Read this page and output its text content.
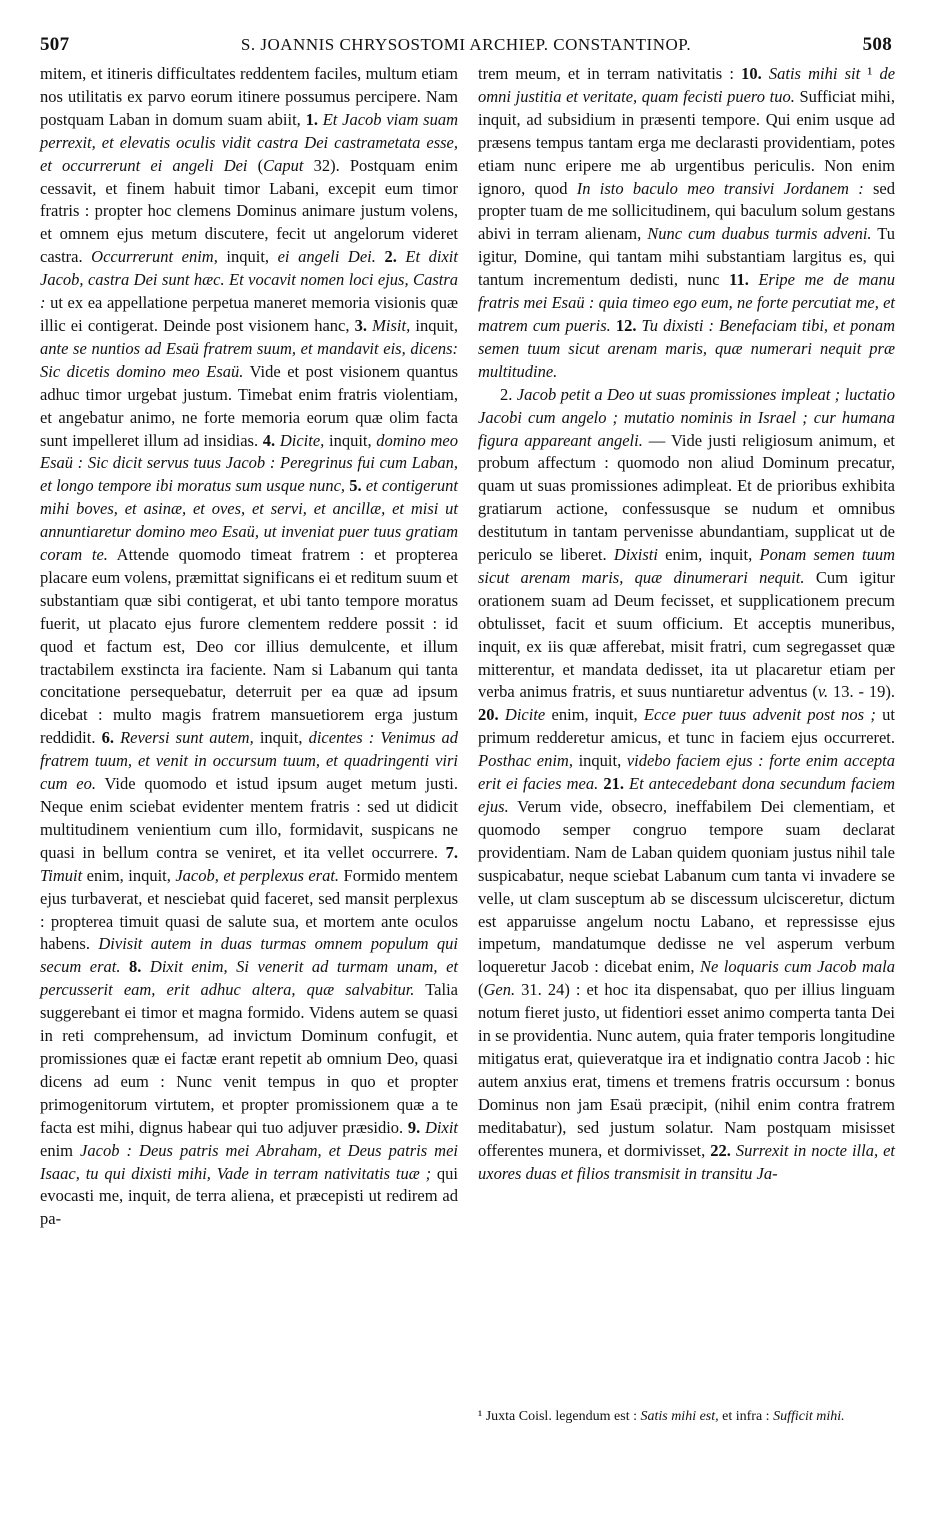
507	S. JOANNIS CHRYSOSTOMI ARCHIEP. CONSTANTINOP.	508

mitem, et itineris difficultates reddentem faciles, multum etiam nos utilitatis ex parvo eorum itinere possumus percipere. Nam postquam Laban in domum suam abiit, 1. Et Jacob viam suam perrexit, et elevatis oculis vidit castra Dei castrametata esse, et occurrerunt ei angeli Dei (Caput 32). Postquam enim cessavit, et finem habuit timor Labani, excepit eum timor fratris : propter hoc clemens Dominus animare justum volens, et omnem ejus metum discutere, fecit ut angelorum videret castra. Occurrerunt enim, inquit, ei angeli Dei. 2. Et dixit Jacob, castra Dei sunt hæc. Et vocavit nomen loci ejus, Castra : ut ex ea appellatione perpetua maneret memoria visionis quæ illic ei contigerat. Deinde post visionem hanc, 3. Misit, inquit, ante se nuntios ad Esaü fratrem suum, et mandavit eis, dicens: Sic dicetis domino meo Esaü. Vide et post visionem quantus adhuc timor urgebat justum. Timebat enim fratris violentiam, et angebatur animo, ne forte memoria eorum quæ olim facta sunt impelleret illum ad insidias. 4. Dicite, inquit, domino meo Esaü : Sic dicit servus tuus Jacob : Peregrinus fui cum Laban, et longo tempore ibi moratus sum usque nunc, 5. et contigerunt mihi boves, et asinæ, et oves, et servi, et ancillæ, et misi ut annuntiaretur domino meo Esaü, ut inveniat puer tuus gratiam coram te. Attende quomodo timeat fratrem : et propterea placare eum volens, præmittat significans ei et reditum suum et substantiam quæ sibi contigerat, et ubi tanto tempore moratus fuerit, ut placato ejus furore clementem reddere possit : id quod et factum est, Deo cor illius demulcente, et illum tractabilem exstincta ira faciente. Nam si Labanum qui tanta concitatione persequebatur, deterruit per ea quæ ad ipsum dicebat : multo magis fratrem mansuetiorem erga justum reddidit. 6. Reversi sunt autem, inquit, dicentes : Venimus ad fratrem tuum, et venit in occursum tuum, et quadringenti viri cum eo. Vide quomodo et istud ipsum auget metum justi. Neque enim sciebat evidenter mentem fratris : sed ut didicit multitudinem venientium cum illo, formidavit, suspicans ne quasi in bellum contra se veniret, et ita vellet occurrere. 7. Timuit enim, inquit, Jacob, et perplexus erat. Formido mentem ejus turbaverat, et nesciebat quid faceret, sed mansit perplexus : propterea timuit quasi de salute sua, et mortem ante oculos habens. Divisit autem in duas turmas omnem populum qui secum erat. 8. Dixit enim, Si venerit ad turmam unam, et percusserit eam, erit adhuc altera, quæ salvabitur. Talia suggerebant ei timor et magna formido. Videns autem se quasi in reti comprehensum, ad invictum Dominum confugit, et promissiones quæ ei factæ erant repetit ab omnium Deo, quasi dicens ad eum : Nunc venit tempus in quo et propter primogenitorum virtutem, et propter promissionem quæ a te facta est mihi, dignus habear qui tuo adjuver præsidio. 9. Dixit enim Jacob : Deus patris mei Abraham, et Deus patris mei Isaac, tu qui dixisti mihi, Vade in terram nativitatis tuæ ; qui evocasti me, inquit, de terra aliena, et præcepisti ut redirem ad pa-

trem meum, et in terram nativitatis : 10. Satis mihi sit ¹ de omni justitia et veritate, quam fecisti puero tuo. Sufficiat mihi, inquit, ad subsidium in præsenti tempore. Qui enim usque ad præsens tempus tantam erga me declarasti providentiam, potes etiam nunc eripere me ab urgentibus periculis. Non enim ignoro, quod In isto baculo meo transivi Jordanem : sed propter tuam de me sollicitudinem, qui baculum solum gestans abivi in terram alienam, Nunc cum duabus turmis adveni. Tu igitur, Domine, qui tantam mihi substantiam largitus es, qui tantum incrementum dedisti, nunc 11. Eripe me de manu fratris mei Esaü : quia timeo ego eum, ne forte percutiat me, et matrem cum pueris. 12. Tu dixisti : Benefaciam tibi, et ponam semen tuum sicut arenam maris, quæ numerari nequit præ multitudine.

2. Jacob petit a Deo ut suas promissiones impleat ; luctatio Jacobi cum angelo ; mutatio nominis in Israel ; cur humana figura appareant angeli. — Vide justi religiosum animum, et probum affectum : quomodo non aliud Dominum precatur, quam ut suas promissiones adimpleat. Et de prioribus exhibita gratiarum actione, confessusque se nudum et omnibus destitutum in tantam pervenisse abundantiam, supplicat ut de periculo se liberet. Dixisti enim, inquit, Ponam semen tuum sicut arenam maris, quæ dinumerari nequit. Cum igitur orationem suam ad Deum fecisset, et supplicationem precum obtulisset, facit et suum officium. Et acceptis muneribus, inquit, ex iis quæ afferebat, misit fratri, cum segregasset quæ mitterentur, et mandata dedisset, ita ut placaretur etiam per verba animus fratris, et suus nuntiaretur adventus (v. 13. - 19). 20. Dicite enim, inquit, Ecce puer tuus advenit post nos ; ut primum redderetur amicus, et tunc in faciem ejus occurreret. Posthac enim, inquit, videbo faciem ejus : forte enim accepta erit ei facies mea. 21. Et antecedebant dona secundum faciem ejus. Verum vide, obsecro, ineffabilem Dei clementiam, et quomodo semper congruo tempore suam declarat providentiam. Nam de Laban quidem quoniam justus nihil tale suspicabatur, neque sciebat Labanum cum tanta vi invadere se velle, ut clam susceptum ab se discessum ulcisceretur, dictum est apparuisse angelum noctu Labano, et repressisse ejus impetum, mandatumque dedisse ne vel asperum verbum loqueretur Jacob : dicebat enim, Ne loquaris cum Jacob mala (Gen. 31. 24) : et hoc ita dispensabat, quo per illius linguam notum fieret justo, ut fidentiori esset animo comperta tanta Dei in se providentia. Nunc autem, quia frater temporis longitudine mitigatus erat, quieveratque ira et indignatio contra Jacob : hic autem anxius erat, timens et tremens fratris occursum : bonus Dominus non jam Esaü præcipit, (nihil enim contra fratrem meditabatur), sed justum solatur. Nam postquam misisset offerentes munera, et dormivisset, 22. Surrexit in nocte illa, et uxores duas et filios transmisit in transitu Ja-

¹ Juxta Coisl. legendum est : Satis mihi est, et infra : Sufficit mihi.
